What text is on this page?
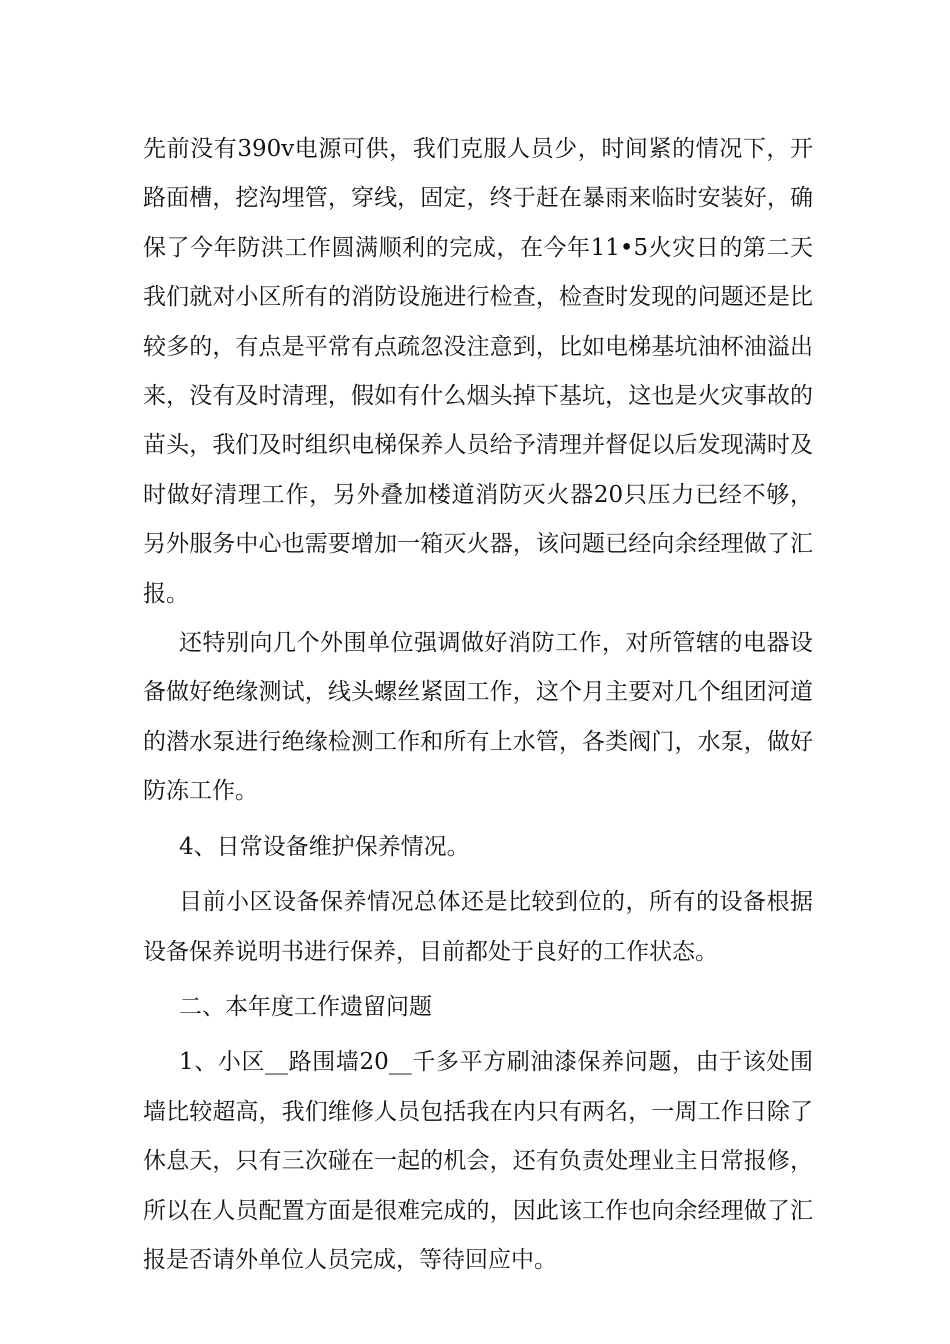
先前没有390v电源可供，我们克服人员少，时间紧的情况下，开路面槽，挖沟埋管，穿线，固定，终于赶在暴雨来临时安装好，确保了今年防洪工作圆满顺利的完成，在今年11•5火灾日的第二天我们就对小区所有的消防设施进行检查，检查时发现的问题还是比较多的，有点是平常有点疏忽没注意到，比如电梯基坑油杯油溢出来，没有及时清理，假如有什么烟头掉下基坑，这也是火灾事故的苗头，我们及时组织电梯保养人员给予清理并督促以后发现满时及时做好清理工作，另外叠加楼道消防灭火器20只压力已经不够，另外服务中心也需要增加一箱灭火器，该问题已经向余经理做了汇报。

还特别向几个外围单位强调做好消防工作，对所管辖的电器设备做好绝缘测试，线头螺丝紧固工作，这个月主要对几个组团河道的潜水泵进行绝缘检测工作和所有上水管，各类阀门，水泵，做好防冻工作。

4、日常设备维护保养情况。

目前小区设备保养情况总体还是比较到位的，所有的设备根据设备保养说明书进行保养，目前都处于良好的工作状态。

二、本年度工作遗留问题

1、小区__路围墙20__千多平方刷油漆保养问题，由于该处围墙比较超高，我们维修人员包括我在内只有两名，一周工作日除了休息天，只有三次碰在一起的机会，还有负责处理业主日常报修，所以在人员配置方面是很难完成的，因此该工作也向余经理做了汇报是否请外单位人员完成，等待回应中。
